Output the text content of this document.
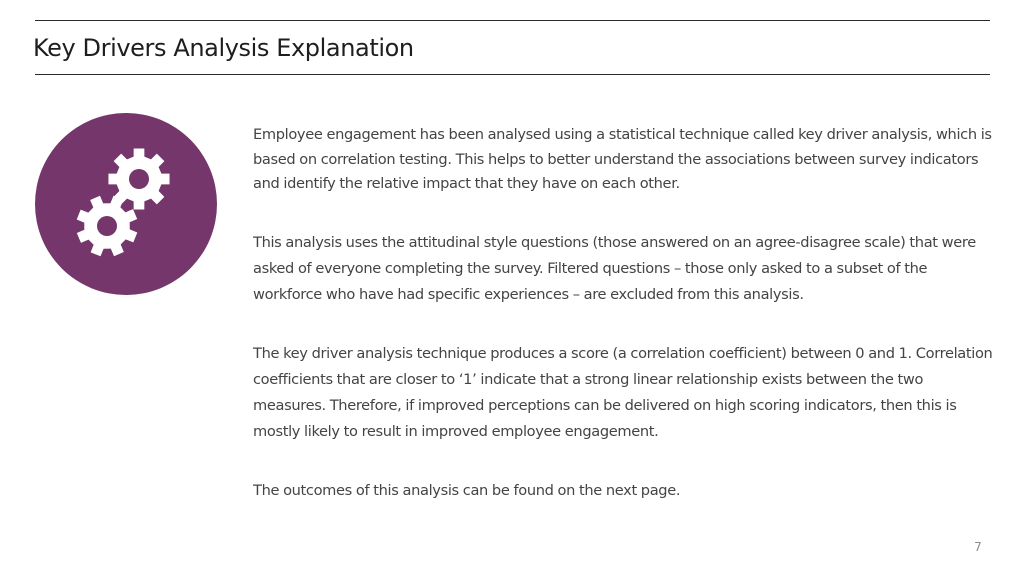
Key Drivers Analysis Explanation

Employee engagement has been analysed using a statistical technique called key driver analysis, which is based on correlation testing. This helps to better understand the associations between survey indicators and identify the relative impact that they have on each other.

This analysis uses the attitudinal style questions (those answered on an agree-disagree scale) that were asked of everyone completing the survey. Filtered questions – those only asked to a subset of the workforce who have had specific experiences – are excluded from this analysis.

The key driver analysis technique produces a score (a correlation coefficient) between 0 and 1. Correlation coefficients that are closer to ‘1’ indicate that a strong linear relationship exists between the two measures. Therefore, if improved perceptions can be delivered on high scoring indicators, then this is mostly likely to result in improved employee engagement.

The outcomes of this analysis can be found on the next page.

7
